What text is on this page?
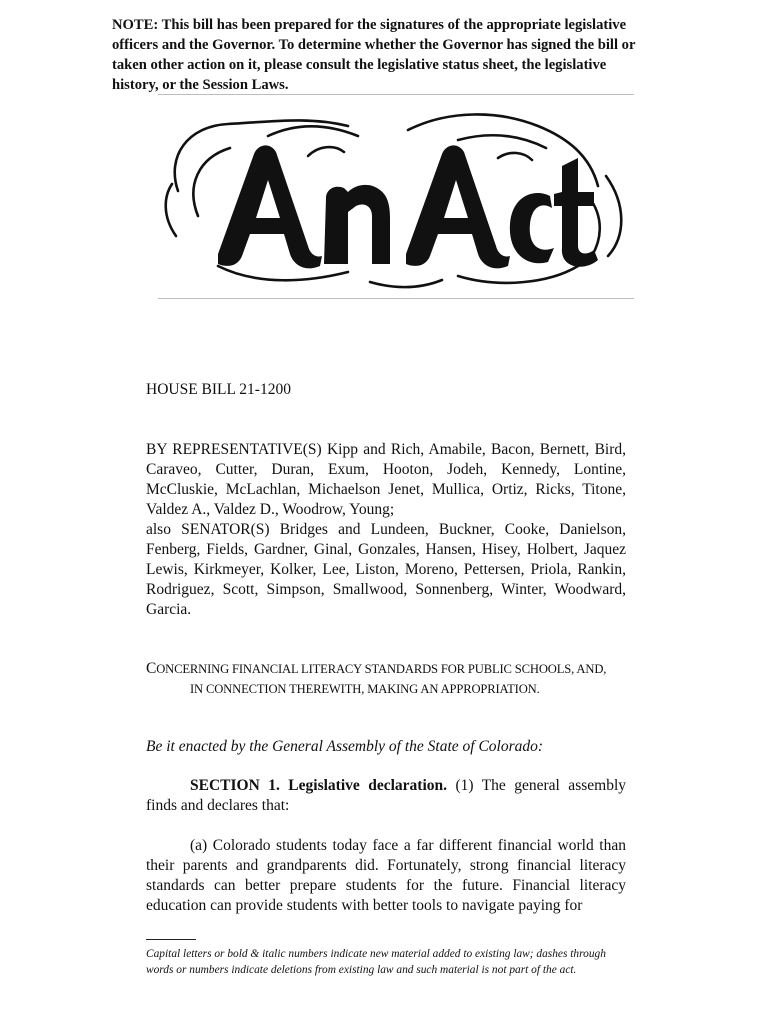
NOTE: This bill has been prepared for the signatures of the appropriate legislative officers and the Governor. To determine whether the Governor has signed the bill or taken other action on it, please consult the legislative status sheet, the legislative history, or the Session Laws.
HOUSE BILL 21-1200

BY REPRESENTATIVE(S) Kipp and Rich, Amabile, Bacon, Bernett, Bird, Caraveo, Cutter, Duran, Exum, Hooton, Jodeh, Kennedy, Lontine, McCluskie, McLachlan, Michaelson Jenet, Mullica, Ortiz, Ricks, Titone, Valdez A., Valdez D., Woodrow, Young;

also SENATOR(S) Bridges and Lundeen, Buckner, Cooke, Danielson, Fenberg, Fields, Gardner, Ginal, Gonzales, Hansen, Hisey, Holbert, Jaquez Lewis, Kirkmeyer, Kolker, Lee, Liston, Moreno, Pettersen, Priola, Rankin, Rodriguez, Scott, Simpson, Smallwood, Sonnenberg, Winter, Woodward, Garcia.

CONCERNING FINANCIAL LITERACY STANDARDS FOR PUBLIC SCHOOLS, AND,

IN CONNECTION THEREWITH, MAKING AN APPROPRIATION.

Be it enacted by the General Assembly of the State of Colorado:

SECTION 1. Legislative declaration. (1) The general assembly finds and declares that:

(a) Colorado students today face a far different financial world than their parents and grandparents did. Fortunately, strong financial literacy standards can better prepare students for the future. Financial literacy education can provide students with better tools to navigate paying for

Capital letters or bold & italic numbers indicate new material added to existing law; dashes through words or numbers indicate deletions from existing law and such material is not part of the act.
